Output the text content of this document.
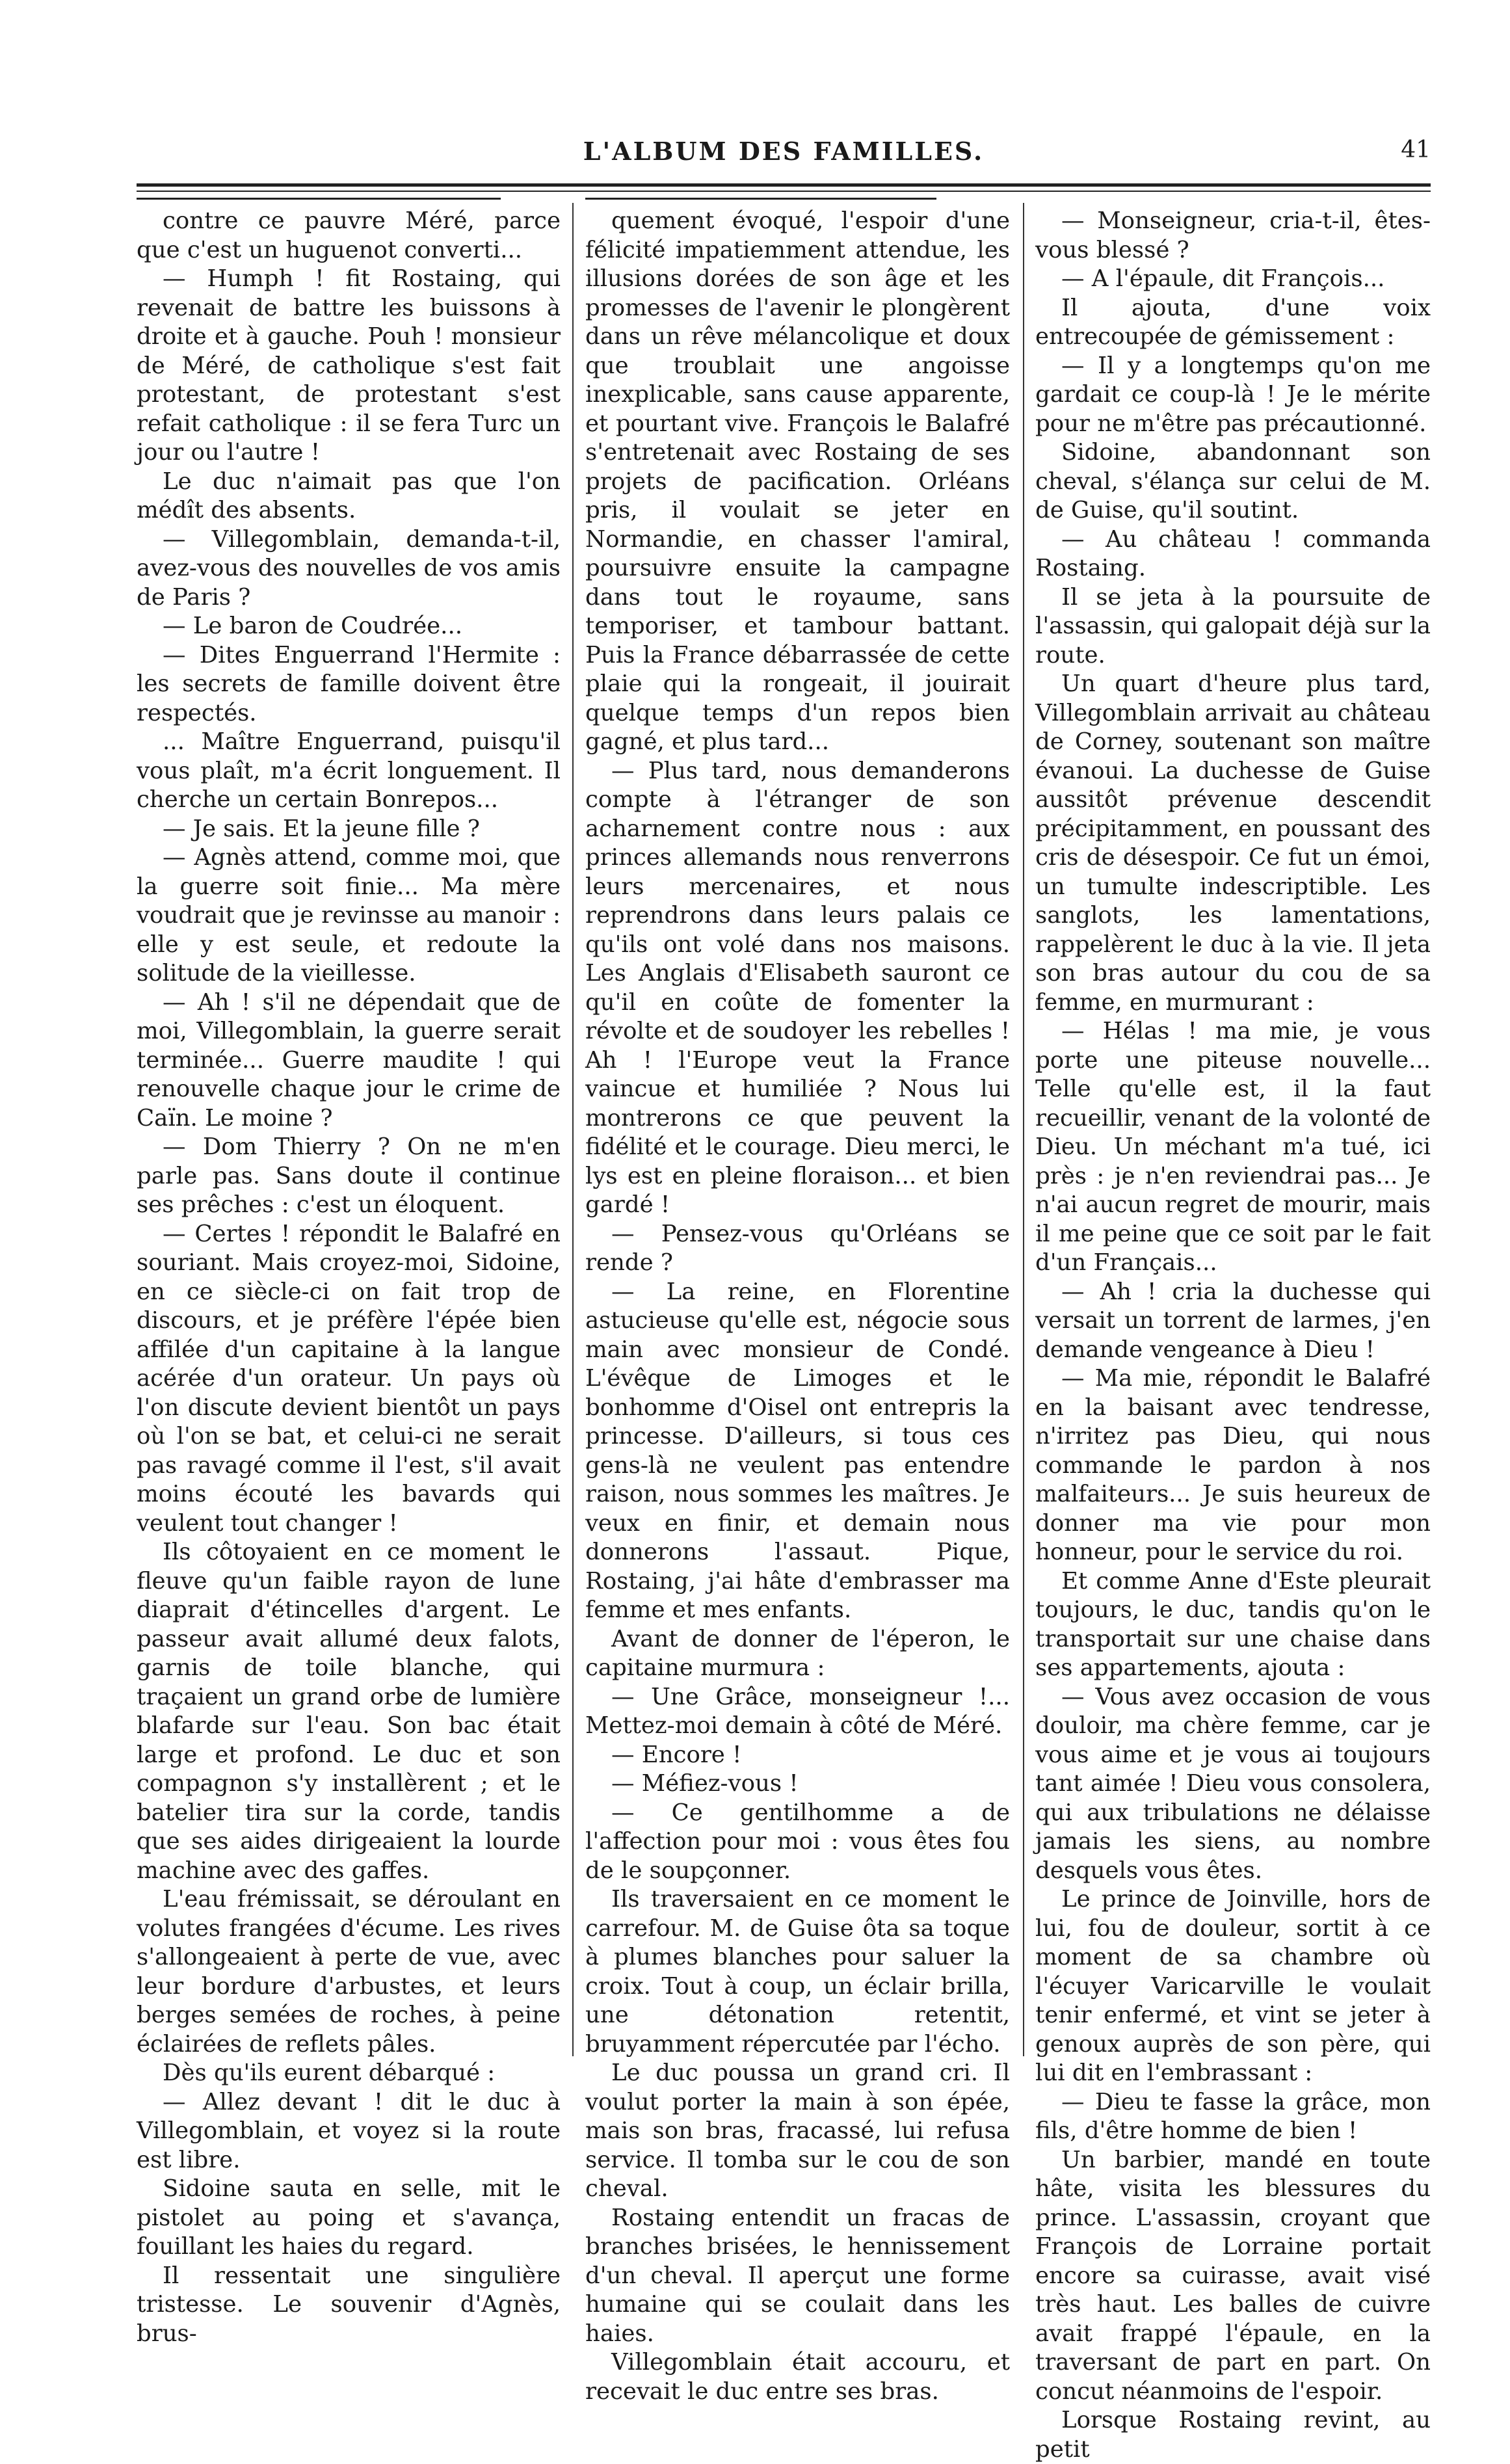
L'ALBUM DES FAMILLES.	41

contre ce pauvre Méré, parce que c'est un huguenot converti...

— Humph ! fit Rostaing, qui revenait de battre les buissons à droite et à gauche. Pouh ! monsieur de Méré, de catholique s'est fait protestant, de protestant s'est refait catholique : il se fera Turc un jour ou l'autre !

Le duc n'aimait pas que l'on médît des absents.

— Villegomblain, demanda-t-il, avez-vous des nouvelles de vos amis de Paris ?

— Le baron de Coudrée...

— Dites Enguerrand l'Hermite : les secrets de famille doivent être respectés.

... Maître Enguerrand, puisqu'il vous plaît, m'a écrit longuement. Il cherche un certain Bonrepos...

— Je sais. Et la jeune fille ?

— Agnès attend, comme moi, que la guerre soit finie... Ma mère voudrait que je revinsse au manoir : elle y est seule, et redoute la solitude de la vieillesse.

— Ah ! s'il ne dépendait que de moi, Villegomblain, la guerre serait terminée... Guerre maudite ! qui renouvelle chaque jour le crime de Caïn. Le moine ?

— Dom Thierry ? On ne m'en parle pas. Sans doute il continue ses prêches : c'est un éloquent.

— Certes ! répondit le Balafré en souriant. Mais croyez-moi, Sidoine, en ce siècle-ci on fait trop de discours, et je préfère l'épée bien affilée d'un capitaine à la langue acérée d'un orateur. Un pays où l'on discute devient bientôt un pays où l'on se bat, et celui-ci ne serait pas ravagé comme il l'est, s'il avait moins écouté les bavards qui veulent tout changer !

Ils côtoyaient en ce moment le fleuve qu'un faible rayon de lune diaprait d'étincelles d'argent. Le passeur avait allumé deux falots, garnis de toile blanche, qui traçaient un grand orbe de lumière blafarde sur l'eau. Son bac était large et profond. Le duc et son compagnon s'y installèrent ; et le batelier tira sur la corde, tandis que ses aides dirigeaient la lourde machine avec des gaffes.

L'eau frémissait, se déroulant en volutes frangées d'écume. Les rives s'allongeaient à perte de vue, avec leur bordure d'arbustes, et leurs berges semées de roches, à peine éclairées de reflets pâles.

Dès qu'ils eurent débarqué :

— Allez devant ! dit le duc à Villegomblain, et voyez si la route est libre.

Sidoine sauta en selle, mit le pistolet au poing et s'avança, fouillant les haies du regard.

Il ressentait une singulière tristesse. Le souvenir d'Agnès, brus-

quement évoqué, l'espoir d'une félicité impatiemment attendue, les illusions dorées de son âge et les promesses de l'avenir le plongèrent dans un rêve mélancolique et doux que troublait une angoisse inexplicable, sans cause apparente, et pourtant vive. François le Balafré s'entretenait avec Rostaing de ses projets de pacification. Orléans pris, il voulait se jeter en Normandie, en chasser l'amiral, poursuivre ensuite la campagne dans tout le royaume, sans temporiser, et tambour battant. Puis la France débarrassée de cette plaie qui la rongeait, il jouirait quelque temps d'un repos bien gagné, et plus tard...

— Plus tard, nous demanderons compte à l'étranger de son acharnement contre nous : aux princes allemands nous renverrons leurs mercenaires, et nous reprendrons dans leurs palais ce qu'ils ont volé dans nos maisons. Les Anglais d'Elisabeth sauront ce qu'il en coûte de fomenter la révolte et de soudoyer les rebelles ! Ah ! l'Europe veut la France vaincue et humiliée ? Nous lui montrerons ce que peuvent la fidélité et le courage. Dieu merci, le lys est en pleine floraison... et bien gardé !

— Pensez-vous qu'Orléans se rende ?

— La reine, en Florentine astucieuse qu'elle est, négocie sous main avec monsieur de Condé. L'évêque de Limoges et le bonhomme d'Oisel ont entrepris la princesse. D'ailleurs, si tous ces gens-là ne veulent pas entendre raison, nous sommes les maîtres. Je veux en finir, et demain nous donnerons l'assaut. Pique, Rostaing, j'ai hâte d'embrasser ma femme et mes enfants.

Avant de donner de l'éperon, le capitaine murmura :

— Une Grâce, monseigneur !... Mettez-moi demain à côté de Méré.

— Encore !

— Méfiez-vous !

— Ce gentilhomme a de l'affection pour moi : vous êtes fou de le soupçonner.

Ils traversaient en ce moment le carrefour. M. de Guise ôta sa toque à plumes blanches pour saluer la croix. Tout à coup, un éclair brilla, une détonation retentit, bruyamment répercutée par l'écho.

Le duc poussa un grand cri. Il voulut porter la main à son épée, mais son bras, fracassé, lui refusa service. Il tomba sur le cou de son cheval.

Rostaing entendit un fracas de branches brisées, le hennissement d'un cheval. Il aperçut une forme humaine qui se coulait dans les haies.

Villegomblain était accouru, et recevait le duc entre ses bras.

— Monseigneur, cria-t-il, êtes-vous blessé ?

— A l'épaule, dit François...

Il ajouta, d'une voix entrecoupée de gémissement :

— Il y a longtemps qu'on me gardait ce coup-là ! Je le mérite pour ne m'être pas précautionné.

Sidoine, abandonnant son cheval, s'élança sur celui de M. de Guise, qu'il soutint.

— Au château ! commanda Rostaing.

Il se jeta à la poursuite de l'assassin, qui galopait déjà sur la route.

Un quart d'heure plus tard, Villegomblain arrivait au château de Corney, soutenant son maître évanoui. La duchesse de Guise aussitôt prévenue descendit précipitamment, en poussant des cris de désespoir. Ce fut un émoi, un tumulte indescriptible. Les sanglots, les lamentations, rappelèrent le duc à la vie. Il jeta son bras autour du cou de sa femme, en murmurant :

— Hélas ! ma mie, je vous porte une piteuse nouvelle... Telle qu'elle est, il la faut recueillir, venant de la volonté de Dieu. Un méchant m'a tué, ici près : je n'en reviendrai pas... Je n'ai aucun regret de mourir, mais il me peine que ce soit par le fait d'un Français...

— Ah ! cria la duchesse qui versait un torrent de larmes, j'en demande vengeance à Dieu !

— Ma mie, répondit le Balafré en la baisant avec tendresse, n'irritez pas Dieu, qui nous commande le pardon à nos malfaiteurs... Je suis heureux de donner ma vie pour mon honneur, pour le service du roi.

Et comme Anne d'Este pleurait toujours, le duc, tandis qu'on le transportait sur une chaise dans ses appartements, ajouta :

— Vous avez occasion de vous douloir, ma chère femme, car je vous aime et je vous ai toujours tant aimée ! Dieu vous consolera, qui aux tribulations ne délaisse jamais les siens, au nombre desquels vous êtes.

Le prince de Joinville, hors de lui, fou de douleur, sortit à ce moment de sa chambre où l'écuyer Varicarville le voulait tenir enfermé, et vint se jeter à genoux auprès de son père, qui lui dit en l'embrassant :

— Dieu te fasse la grâce, mon fils, d'être homme de bien !

Un barbier, mandé en toute hâte, visita les blessures du prince. L'assassin, croyant que François de Lorraine portait encore sa cuirasse, avait visé très haut. Les balles de cuivre avait frappé l'épaule, en la traversant de part en part. On concut néanmoins de l'espoir.

Lorsque Rostaing revint, au petit
